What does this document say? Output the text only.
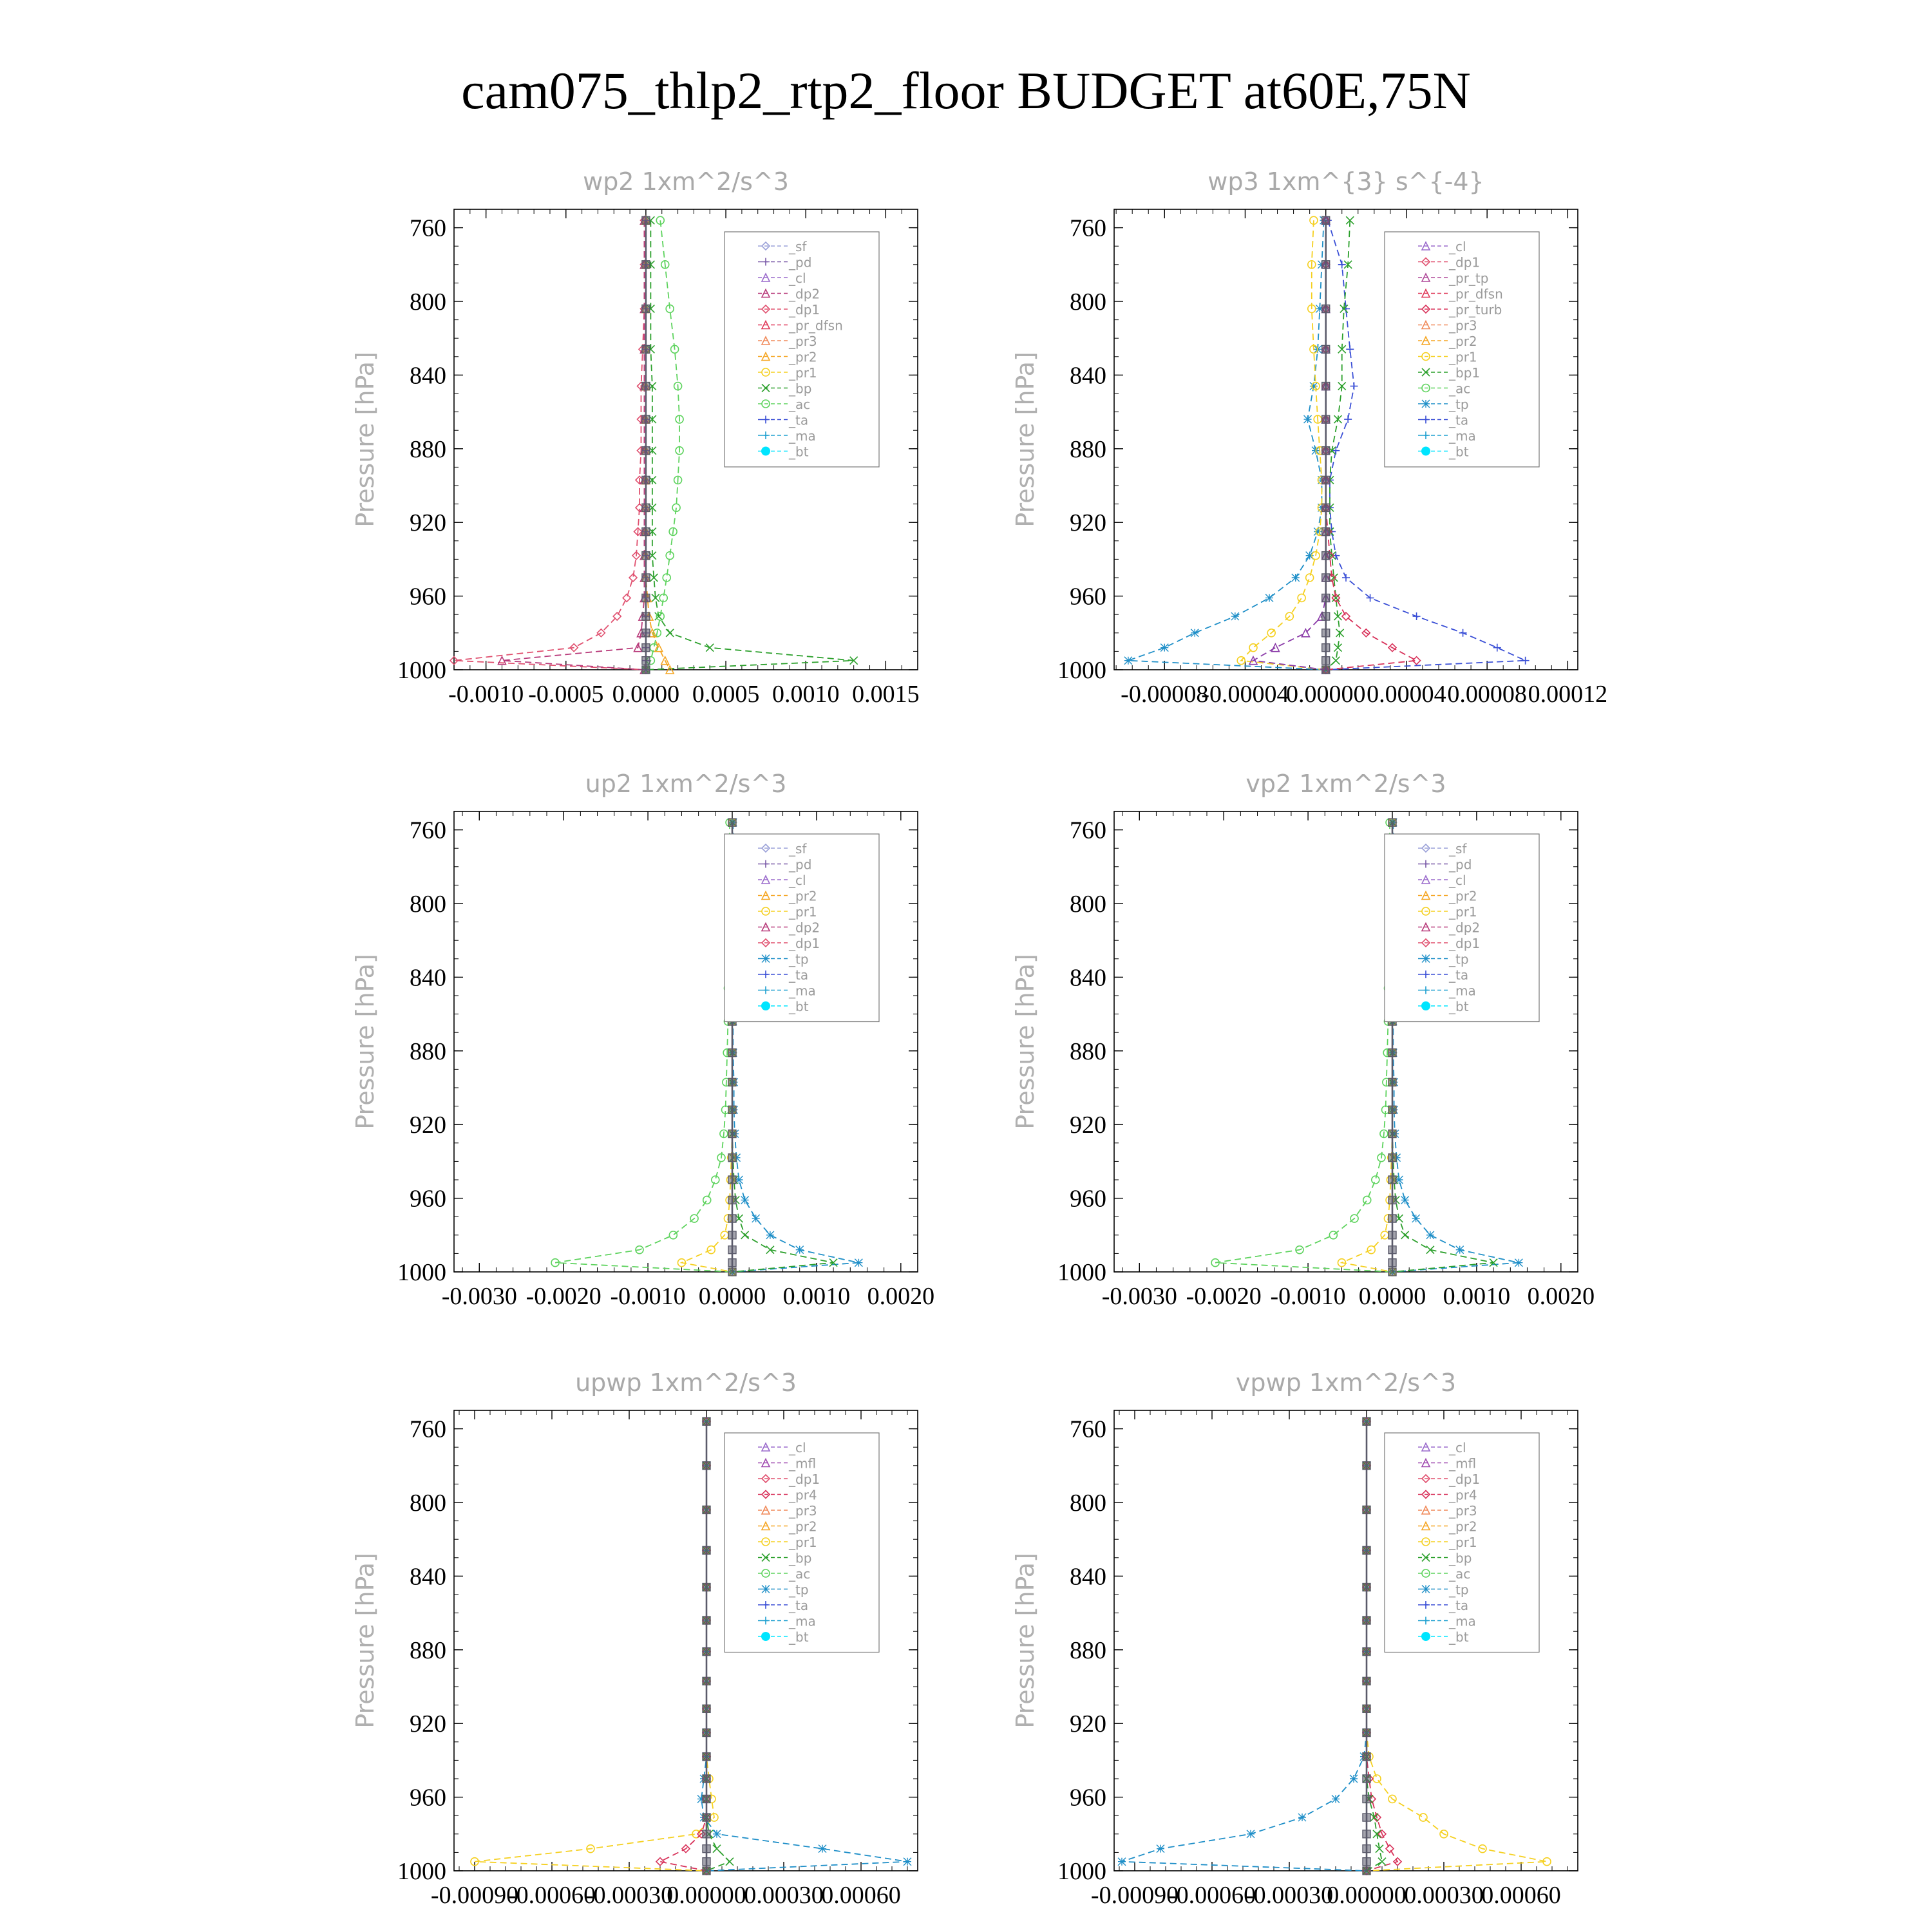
cam075_thlp2_rtp2_floor BUDGET at60E,75N
wp2 1xm^2/s^3
Pressure [hPa]
760
800
840
880
920
960
1000
-0.0010 -0.0005 0.0000 0.0005 0.0010 0.0015
_sf
_pd
_cl
_dp2
_dp1
_pr_dfsn
_pr3
_pr2
_pr1
_bp
_ac
_ta
_ma
_bt
wp3 1xm^{3} s^{-4}
Pressure [hPa]
760
800
840
880
920
960
1000
-0.00008
-0.00004
0.00000 0.00004 0.00008 0.00012
_cl
_dp1
_pr_tp
_pr_dfsn
_pr_turb
_pr3
_pr2
_pr1
_bp1
_ac
_tp
_ta
_ma
_bt
up2 1xm^2/s^3
Pressure [hPa]
760
800
840
880
920
960
1000
-0.0030 -0.0020 -0.0010 0.0000 0.0010 0.0020
_sf
_pd
_cl
_pr2
_pr1
_dp2
_dp1
_tp
_ta
_ma
_bt
vp2 1xm^2/s^3
Pressure [hPa]
760
800
840
880
920
960
1000
-0.0030 -0.0020 -0.0010 0.0000 0.0010 0.0020
_sf
_pd
_cl
_pr2
_pr1
_dp2
_dp1
_tp
_ta
_ma
_bt
upwp 1xm^2/s^3
Pressure [hPa]
760
800
840
880
920
960
1000
-0.00090
-0.00060
-0.00030
0.00000
0.00030
0.00060
_cl
_mfl
_dp1
_pr4
_pr3
_pr2
_pr1
_bp
_ac
_tp
_ta
_ma
_bt
vpwp 1xm^2/s^3
Pressure [hPa]
760
800
840
880
920
960
1000
-0.00090
-0.00060
-0.00030
0.00000
0.00030
0.00060
_cl
_mfl
_dp1
_pr4
_pr3
_pr2
_pr1
_bp
_ac
_tp
_ta
_ma
_bt
